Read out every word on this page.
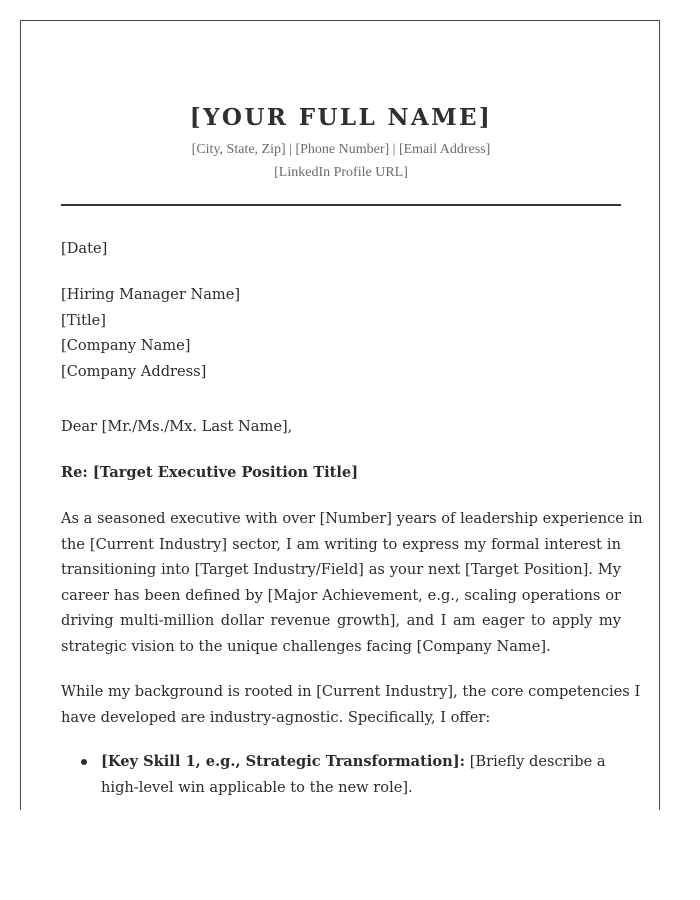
[YOUR FULL NAME]
[City, State, Zip] | [Phone Number] | [Email Address]
[LinkedIn Profile URL]
[Date]
[Hiring Manager Name]
[Title]
[Company Name]
[Company Address]
Dear [Mr./Ms./Mx. Last Name],
Re: [Target Executive Position Title]
As a seasoned executive with over [Number] years of leadership experience in
the [Current Industry] sector, I am writing to express my formal interest in
transitioning into [Target Industry/Field] as your next [Target Position]. My
career has been defined by [Major Achievement, e.g., scaling operations or
driving multi-million dollar revenue growth], and I am eager to apply my
strategic vision to the unique challenges facing [Company Name].
While my background is rooted in [Current Industry], the core competencies I
have developed are industry-agnostic. Specifically, I offer:
[Key Skill 1, e.g., Strategic Transformation]: [Briefly describe a
high-level win applicable to the new role].
